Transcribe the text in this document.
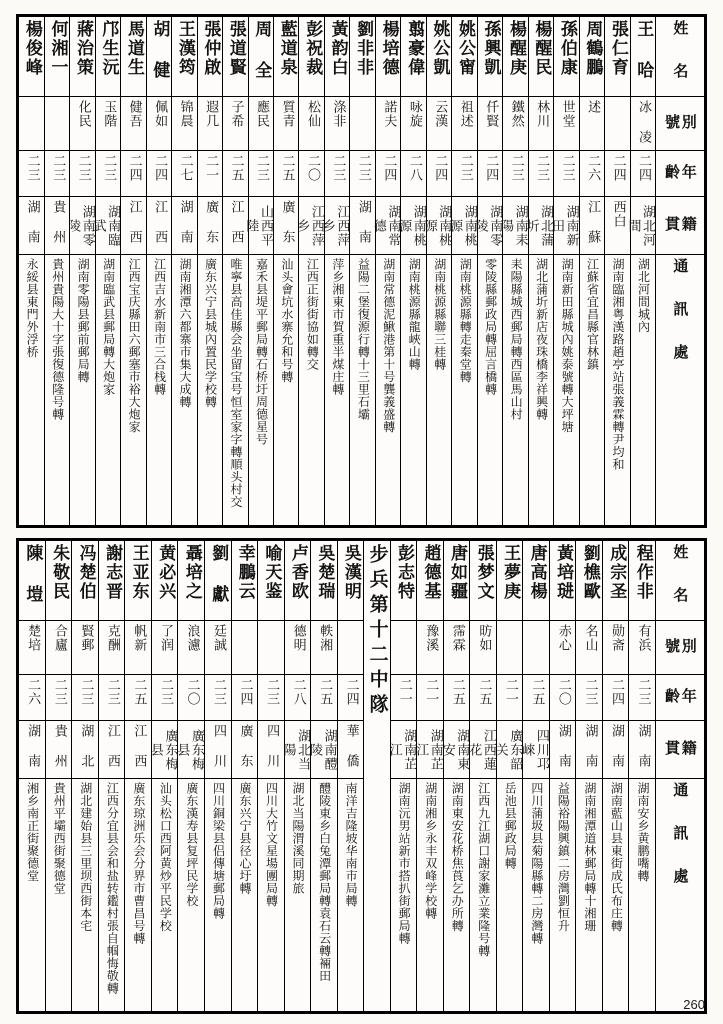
姓 名	王 哈	張仁育	周鶴鵬	孫伯康	楊醒民	楊醒庚	孫興凱	姚公甯	姚公凱	翦豪偉	楊培德	劉非非	黃韵白	彭祝裁	藍道泉	周 全	張道賢	張仲啟	王漢筠	胡 健	馬道生	邝生沅	蔣治策	何湘一	楊俊峰

別 號	冰 凌		述	世堂	林川	鐵然	仟賢	祖述	云漢	咏旋	諾夫		涤非	松仙	質青	應民	子希	遐几	锦晨	佩如	健吾	玉階	化民		

年 齡	二四	二四	二六	二三	二三	二三	二四	二三	二四	二八	二四	二三	二三	二〇	二五	二三	二五	二一	二七	二四	二四	二三	二三	二三	二三

籍 貫	湖北河間	西白	江 蘇	湖南新田	湖北蒲圻	湖南耒陽	湖南零陵	湖南桃源	湖南桃源	湖南桃源	湖南常德	湖 南	江西萍乡	江西萍乡	廣 东	山西平陸	江 西	廣 东	湖 南	江 西	江 西	湖南臨武	湖南零陵	貴 州	湖 南

通 訊 處	湖北河間城內	湖南臨湘粤漢路趙亭站張義霖轉尹均和	江蘇省宜昌縣官林鎮	湖南新田縣城內姚泰號轉大坪塘	湖北蒲圻新店夜珠橋李祥興轉	耒陽縣城西郵局轉西區馬山村	零陵縣郵政局轉屈言橋轉	湖南桃源縣轉走秦堂轉	湖南桃源縣聯三桂轉	湖南桃源縣龍峽山轉	湖南常德泥鰍港第十号龔義盛轉	益陽二堡復源行轉十三里石壩	萍乡湘東市賀重半煤庄轉	江西正街街協如轉交	汕头會坑水寨允和号轉	嘉禾县堤平郵局轉石桥圩周德星号	唯寧县高佳縣会坐留宝号恒室家字轉順头村交	廣东兴宁县城內置民学校轉	湖南湘潭六都寨市集大成轉	江西吉水新南市三合栈轉	江西宝庆縣田六郵塞市裕大炮家	湖南臨武县郵局轉大炮家	湖南零陽县郵前郵局轉	貴州貴陽大十字張復德隆号轉	永綏县東門外浮桥
姓 名	程作非	成宗圣	劉樵歐	黃培琎	唐高楊	王夢庚	張梦文	唐如疆	趙德基	彭志特	步兵第十二中隊	吳漢明	吳楚瑞	卢香欧	喻天鉴	幸鵬云	劉 獻	聶培之	黄必兴	王亚东	謝志晋	冯楚伯	朱敬民	陳 塏

別 號	有浜	勋斋	名山	赤心			昉如	霈霖	豫溪				軼湘	德明			廷誠	浪濾	了润	帆新	克酬	賢郵	合廬	楚培

年 齡	二三	二四	二三	二〇	二五	二一	二五	二五	二一	二一		二四	二五	二八	二三	二四	二三	二〇	二三	二五	二三	二三	二三	二六

籍 貫	湖 南	湖 南	湖 南	湖 南	四川邛崍	廣东韶关	江西蓮花	湖南東安	湖南芷江	湖南芷江		華 僑	湖南醴陵	湖北当陽	四 川	廣 东	四 川	廣东梅县	廣东梅县	江 西	江 西	湖 北	貴 州	湖 南

通 訊 處	湖南安乡黄鹏嘴轉	湖南藍山县東街成氏布庄轉	湖南湘潭道林郵局轉十湘珊	益陽裕陽興鎮二房灣劉恒升	四川蒲圾县菊陽縣轉二房灣轉	岳池县郵政局轉	江西九江湖口謝家灘立業隆号轉	湖南東安花桥焦莨乞办所轉	湖南湘乡永丰双峰学校轉	湖南沅男站新市搭扒街郵局轉		南洋吉隆坡华南市局轉	醴陵東乡白兔潭郵局轉袁石云轉裲田	湖北当陽渭溪同期旅	四川大竹文星場團局轉	廣东兴宁县径心圩轉	四川銅梁县侣傳塘郵局轉	廣东漢寿县复坪民学校	汕头松口西阿黄炒平民学校	廣东琼洲乐会分界市曹昌号轉	江西分宜县会和盐转鑑村張自帼悔敬轉	湖北建始县三里坝西街本宅	貴州平壩西街聚德堂	湘乡南正街聚德堂
260
